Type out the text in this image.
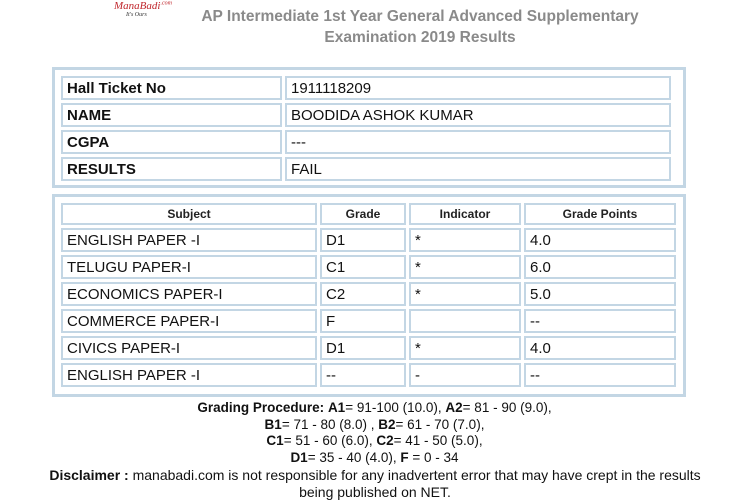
ManaBadi$^{.com}$
It's Ours	AP Intermediate 1st Year General Advanced Supplementary
Examination 2019 Results
Hall Ticket No	1911118209
NAME	BOODIDA ASHOK KUMAR
CGPA	---
RESULTS	FAIL
Subject	Grade	Indicator	Grade Points
ENGLISH PAPER -I	D1	*	4.0
TELUGU PAPER-I	C1	*	6.0
ECONOMICS PAPER-I	C2	*	5.0
COMMERCE PAPER-I	F		--
CIVICS PAPER-I	D1	*	4.0
ENGLISH PAPER -I	--	-	--
Grading Procedure: A1= 91-100 (10.0), A2= 81 - 90 (9.0),
B1= 71 - 80 (8.0) , B2= 61 - 70 (7.0),
C1= 51 - 60 (6.0), C2= 41 - 50 (5.0),
D1= 35 - 40 (4.0), F = 0 - 34
Disclaimer : manabadi.com is not responsible for any inadvertent error that may have crept in the results being published on NET.
